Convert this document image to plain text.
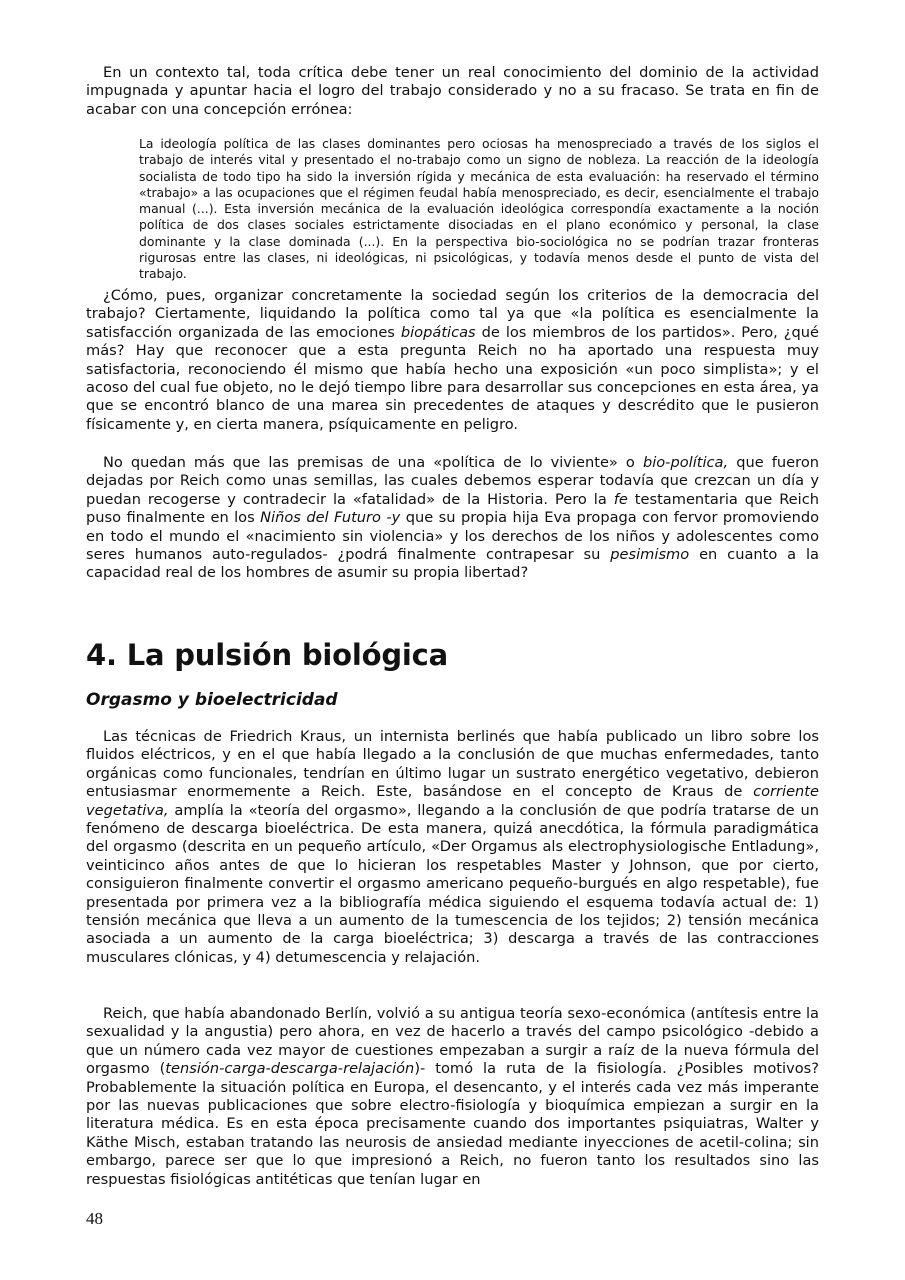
En un contexto tal, toda crítica debe tener un real conocimiento del dominio de la actividad impugnada y apuntar hacia el logro del trabajo considerado y no a su fracaso. Se trata en fin de acabar con una concepción errónea:

La ideología política de las clases dominantes pero ociosas ha menospreciado a través de los siglos el trabajo de interés vital y presentado el no-trabajo como un signo de nobleza. La reacción de la ideología socialista de todo tipo ha sido la inversión rígida y mecánica de esta evaluación: ha reservado el término «trabajo» a las ocupaciones que el régimen feudal había menospreciado, es decir, esencialmente el trabajo manual (...). Esta inversión mecánica de la evaluación ideológica correspondía exactamente a la noción política de dos clases sociales estrictamente disociadas en el plano económico y personal, la clase dominante y la clase dominada (...). En la perspectiva bio-sociológica no se podrían trazar fronteras rigurosas entre las clases, ni ideológicas, ni psicológicas, y todavía menos desde el punto de vista del trabajo.

¿Cómo, pues, organizar concretamente la sociedad según los criterios de la democracia del trabajo? Ciertamente, liquidando la política como tal ya que «la política es esencialmente la satisfacción organizada de las emociones biopáticas de los miembros de los partidos». Pero, ¿qué más? Hay que reconocer que a esta pregunta Reich no ha aportado una respuesta muy satisfactoria, reconociendo él mismo que había hecho una exposición «un poco simplista»; y el acoso del cual fue objeto, no le dejó tiempo libre para desarrollar sus concepciones en esta área, ya que se encontró blanco de una marea sin precedentes de ataques y descrédito que le pusieron físicamente y, en cierta manera, psíquicamente en peligro.

No quedan más que las premisas de una «política de lo viviente» o bio-política, que fueron dejadas por Reich como unas semillas, las cuales debemos esperar todavía que crezcan un día y puedan recogerse y contradecir la «fatalidad» de la Historia. Pero la fe testamentaria que Reich puso finalmente en los Niños del Futuro -y que su propia hija Eva propaga con fervor promoviendo en todo el mundo el «nacimiento sin violencia» y los derechos de los niños y adolescentes como seres humanos auto-regulados- ¿podrá finalmente contrapesar su pesimismo en cuanto a la capacidad real de los hombres de asumir su propia libertad?

4. La pulsión biológica
Orgasmo y bioelectricidad

Las técnicas de Friedrich Kraus, un internista berlinés que había publicado un libro sobre los fluidos eléctricos, y en el que había llegado a la conclusión de que muchas enfermedades, tanto orgánicas como funcionales, tendrían en último lugar un sustrato energético vegetativo, debieron entusiasmar enormemente a Reich. Este, basándose en el concepto de Kraus de corriente vegetativa, amplía la «teoría del orgasmo», llegando a la conclusión de que podría tratarse de un fenómeno de descarga bioeléctrica. De esta manera, quizá anecdótica, la fórmula paradigmática del orgasmo (descrita en un pequeño artículo, «Der Orgamus als electrophysiologische Entladung», veinticinco años antes de que lo hicieran los respetables Master y Johnson, que por cierto, consiguieron finalmente convertir el orgasmo americano pequeño-burgués en algo respetable), fue presentada por primera vez a la bibliografía médica siguiendo el esquema todavía actual de: 1) tensión mecánica que lleva a un aumento de la tumescencia de los tejidos; 2) tensión mecánica asociada a un aumento de la carga bioeléctrica; 3) descarga a través de las contracciones musculares clónicas, y 4) detumescencia y relajación.

Reich, que había abandonado Berlín, volvió a su antigua teoría sexo-económica (antítesis entre la sexualidad y la angustia) pero ahora, en vez de hacerlo a través del campo psicológico -debido a que un número cada vez mayor de cuestiones empezaban a surgir a raíz de la nueva fórmula del orgasmo (tensión-carga-descarga-relajación)- tomó la ruta de la fisiología. ¿Posibles motivos? Probablemente la situación política en Europa, el desencanto, y el interés cada vez más imperante por las nuevas publicaciones que sobre electro-fisiología y bioquímica empiezan a surgir en la literatura médica. Es en esta época precisamente cuando dos importantes psiquiatras, Walter y Käthe Misch, estaban tratando las neurosis de ansiedad mediante inyecciones de acetil-colina; sin embargo, parece ser que lo que impresionó a Reich, no fueron tanto los resultados sino las respuestas fisiológicas antitéticas que tenían lugar en

48
